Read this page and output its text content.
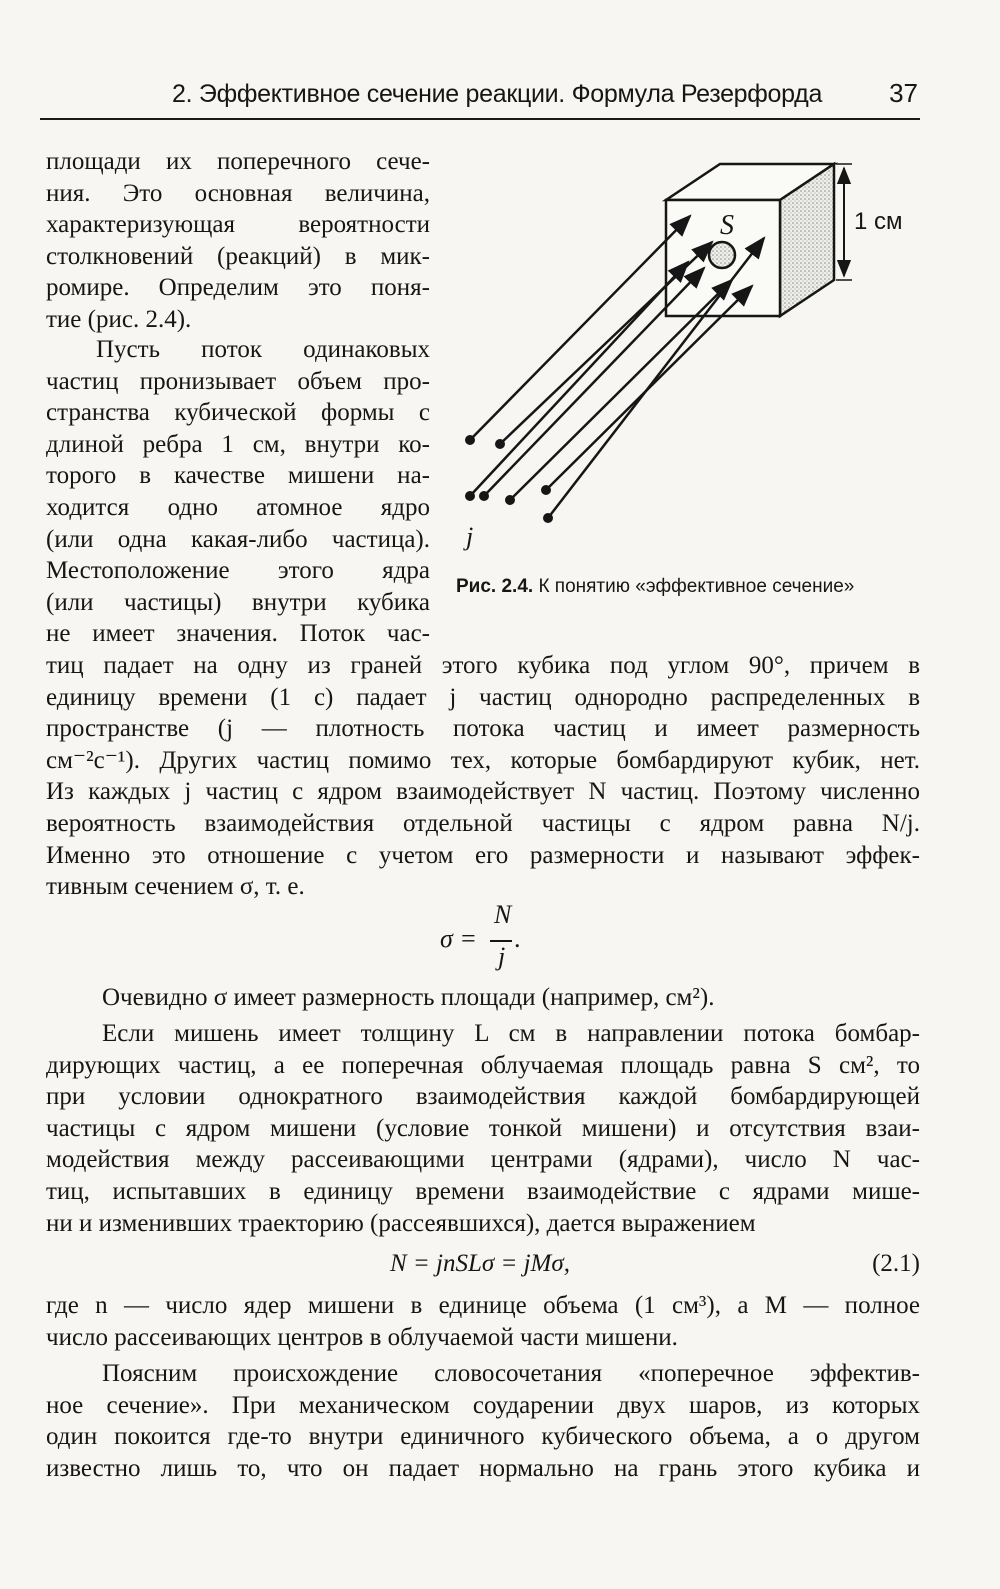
2. Эффективное сечение реакции. Формула Резерфорда	37
площади их поперечного сече-
ния. Это основная величина,
характеризующая вероятности
столкновений (реакций) в мик-
ромире. Определим это поня-
тие (рис. 2.4).
Пусть поток одинаковых
частиц пронизывает объем про-
странства кубической формы с
длиной ребра 1 см, внутри ко-
торого в качестве мишени на-
ходится одно атомное ядро
(или одна какая-либо частица).
Местоположение этого ядра
(или частицы) внутри кубика
не имеет значения. Поток час-
S	1 см
j
Рис. 2.4. К понятию «эффективное сечение»
тиц падает на одну из граней этого кубика под углом 90°, причем в
единицу времени (1 с) падает j частиц однородно распределенных в
пространстве (j — плотность потока частиц и имеет размерность
см⁻²с⁻¹). Других частиц помимо тех, которые бомбардируют кубик, нет.
Из каждых j частиц с ядром взаимодействует N частиц. Поэтому численно
вероятность взаимодействия отдельной частицы с ядром равна N/j.
Именно это отношение с учетом его размерности и называют эффек-
тивным сечением σ, т. е.
σ =
N
j
.
Очевидно σ имеет размерность площади (например, см²).
Если мишень имеет толщину L см в направлении потока бомбар-
дирующих частиц, а ее поперечная облучаемая площадь равна S см², то
при условии однократного взаимодействия каждой бомбардирующей
частицы с ядром мишени (условие тонкой мишени) и отсутствия взаи-
модействия между рассеивающими центрами (ядрами), число N час-
тиц, испытавших в единицу времени взаимодействие с ядрами мише-
ни и изменивших траекторию (рассеявшихся), дается выражением
N = jnSLσ = jMσ,	(2.1)
где n — число ядер мишени в единице объема (1 см³), а M — полное
число рассеивающих центров в облучаемой части мишени.
Поясним происхождение словосочетания «поперечное эффектив-
ное сечение». При механическом соударении двух шаров, из которых
один покоится где-то внутри единичного кубического объема, а о другом
известно лишь то, что он падает нормально на грань этого кубика и
